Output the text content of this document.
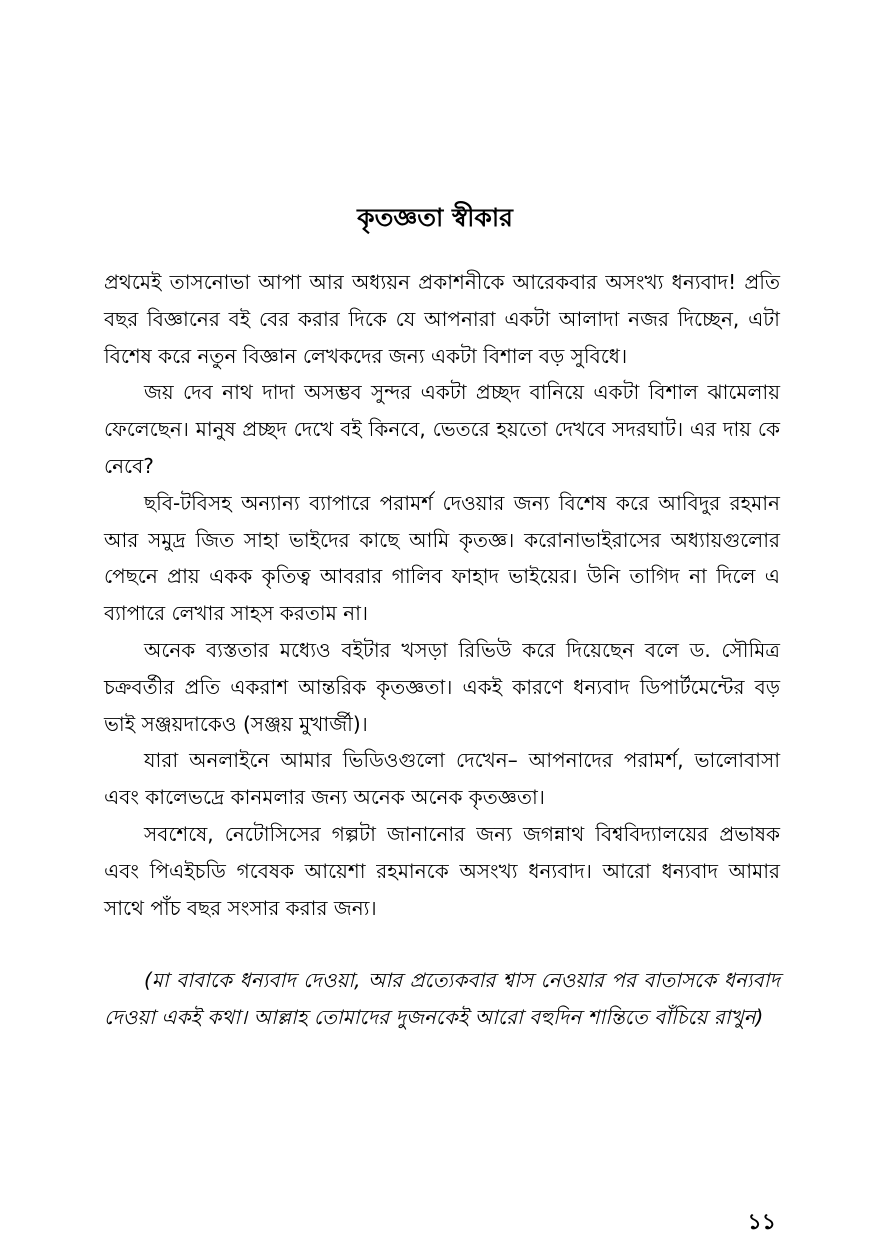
কৃতজ্ঞতা স্বীকার

প্রথমেই তাসনোভা আপা আর অধ্যয়ন প্রকাশনীকে আরেকবার অসংখ্য ধন্যবাদ! প্রতি বছর বিজ্ঞানের বই বের করার দিকে যে আপনারা একটা আলাদা নজর দিচ্ছেন, এটা বিশেষ করে নতুন বিজ্ঞান লেখকদের জন্য একটা বিশাল বড় সুবিধে।

জয় দেব নাথ দাদা অসম্ভব সুন্দর একটা প্রচ্ছদ বানিয়ে একটা বিশাল ঝামেলায় ফেলেছেন। মানুষ প্রচ্ছদ দেখে বই কিনবে, ভেতরে হয়তো দেখবে সদরঘাট। এর দায় কে নেবে?

ছবি-টবিসহ অন্যান্য ব্যাপারে পরামর্শ দেওয়ার জন্য বিশেষ করে আবিদুর রহমান আর সমুদ্র জিত সাহা ভাইদের কাছে আমি কৃতজ্ঞ। করোনাভাইরাসের অধ্যায়গুলোর পেছনে প্রায় একক কৃতিত্ব আবরার গালিব ফাহাদ ভাইয়ের। উনি তাগিদ না দিলে এ ব্যাপারে লেখার সাহস করতাম না।

অনেক ব্যস্ততার মধ্যেও বইটার খসড়া রিভিউ করে দিয়েছেন বলে ড. সৌমিত্র চক্রবর্তীর প্রতি একরাশ আন্তরিক কৃতজ্ঞতা। একই কারণে ধন্যবাদ ডিপার্টমেন্টের বড় ভাই সঞ্জয়দাকেও (সঞ্জয় মুখার্জী)।

যারা অনলাইনে আমার ভিডিওগুলো দেখেন– আপনাদের পরামর্শ, ভালোবাসা এবং কালেভদ্রে কানমলার জন্য অনেক অনেক কৃতজ্ঞতা।

সবশেষে, নেটোসিসের গল্পটা জানানোর জন্য জগন্নাথ বিশ্ববিদ্যালয়ের প্রভাষক এবং পিএইচডি গবেষক আয়েশা রহমানকে অসংখ্য ধন্যবাদ। আরো ধন্যবাদ আমার সাথে পাঁচ বছর সংসার করার জন্য।

(মা বাবাকে ধন্যবাদ দেওয়া, আর প্রত্যেকবার শ্বাস নেওয়ার পর বাতাসকে ধন্যবাদ দেওয়া একই কথা। আল্লাহ তোমাদের দুজনকেই আরো বহুদিন শান্তিতে বাঁচিয়ে রাখুন)

১১
